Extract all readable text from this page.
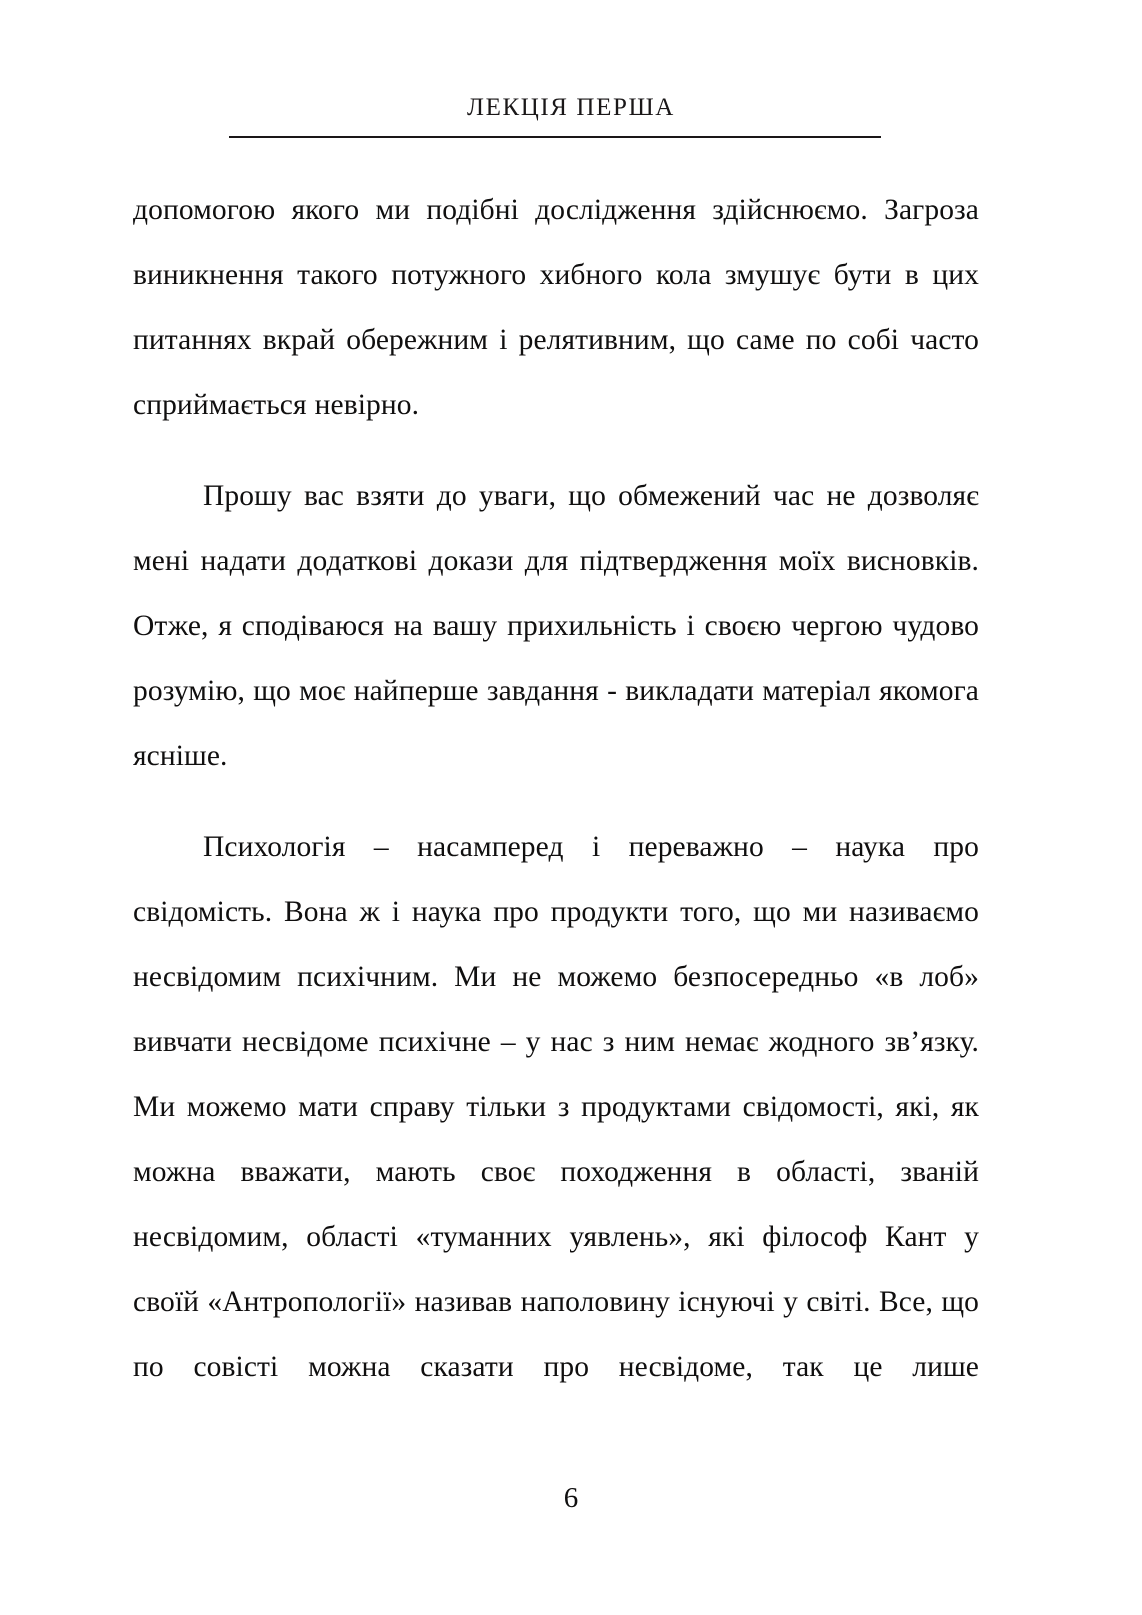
ЛЕКЦІЯ ПЕРША

допомогою якого ми подібні дослідження здійснюємо. Загроза виникнення такого потужного хибного кола змушує бути в цих питаннях вкрай обережним і релятивним, що саме по собі часто сприймається невірно.

Прошу вас взяти до уваги, що обмежений час не дозволяє мені надати додаткові докази для підтвердження моїх висновків. Отже, я сподіваюся на вашу прихильність і своєю чергою чудово розумію, що моє найперше завдання - викладати матеріал якомога ясніше.

Психологія – насамперед і переважно – наука про свідомість. Вона ж і наука про продукти того, що ми називаємо несвідомим психічним. Ми не можемо безпосередньо «в лоб» вивчати несвідоме психічне – у нас з ним немає жодного зв’язку. Ми можемо мати справу тільки з продуктами свідомості, які, як можна вважати, мають своє походження в області, званій несвідомим, області «туманних уявлень», які філософ Кант у своїй «Антропології» називав наполовину існуючі у світі. Все, що по совісті можна сказати про несвідоме, так це лише

6
